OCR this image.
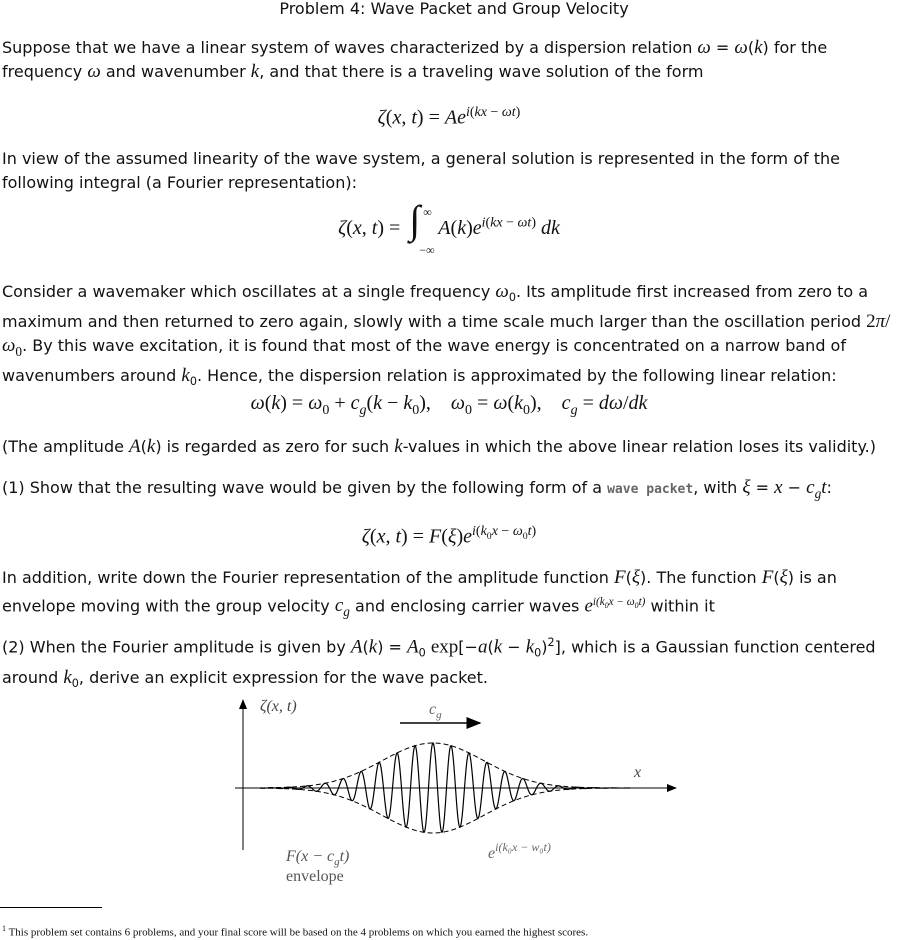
Problem 4: Wave Packet and Group Velocity
Suppose that we have a linear system of waves characterized by a dispersion relation ω = ω(k) for the frequency ω and wavenumber k, and that there is a traveling wave solution of the form
ζ(x, $t) = Ae^{i(kx - \omega t)}$
In view of the assumed linearity of the wave system, a general solution is represented in the form of the following integral (a Fourier representation):
ζ(x, t) = ∫ ∞
−∞
$A(k)e^{i(kx - \omega t)}$ dk
Consider a wavemaker which oscillates at a single frequency $\omega_0$. Its amplitude first increased from zero to a maximum and then returned to zero again, slowly with a time scale much larger than the oscillation period $2\pi/\omega_0$. By this wave excitation, it is found that most of the wave energy is concentrated on a narrow band of wavenumbers around $k_0$. Hence, the dispersion relation is approximated by the following linear relation:
$\omega(k) = \omega_0 + c_g(k - k_0)$,    $\omega_0 = \omega(k_0)$,    $c_g = d\omega/dk$
(The amplitude A(k) is regarded as zero for such k-values in which the above linear relation loses its validity.)
(1) Show that the resulting wave would be given by the following form of a wave packet, with $\xi = x - c_gt$:
ζ(x, $t) = F(\xi)e^{i(k_0x - \omega_0t)}$
In addition, write down the Fourier representation of the amplitude function F(ξ). The function F(ξ) is an envelope moving with the group velocity $c_g$ and enclosing carrier waves $e^{i(k_0x - \omega_0t)}$ within it
(2) When the Fourier amplitude is given by $A(k) = A_0$ $\exp[-a(k - k_0)^2]$, which is a Gaussian function centered around $k_0$, derive an explicit expression for the wave packet.
ζ(x, t)
x
$c_g$
$F(x - c_gt)$
envelope
$e^{i(k_0x - w_0t)}$
$^1$ This problem set contains 6 problems, and your final score will be based on the 4 problems on which you earned the highest scores.
